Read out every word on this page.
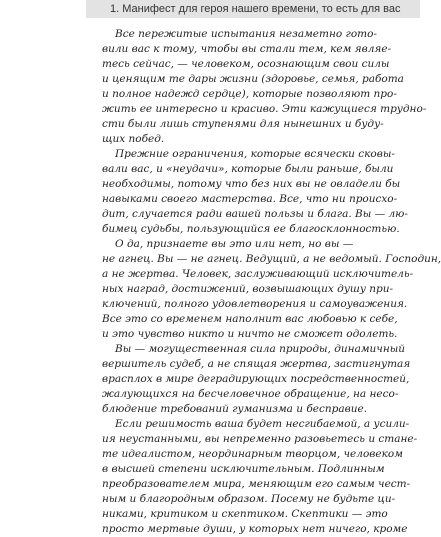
1. Манифест для героя нашего времени, то есть для вас
Все пережитые испытания незаметно гото-
вили вас к тому, чтобы вы стали тем, кем являе-
тесь сейчас, — человеком, осознающим свои силы
и ценящим те дары жизни (здоровье, семья, работа
и полное надежд сердце), которые позволяют про-
жить ее интересно и красиво. Эти кажущиеся трудно-
сти были лишь ступенями для нынешних и буду-
щих побед.
Прежние ограничения, которые всячески сковы-
вали вас, и «неудачи», которые были раньше, были
необходимы, потому что без них вы не овладели бы
навыками своего мастерства. Все, что ни происхо-
дит, случается ради вашей пользы и блага. Вы — лю-
бимец судьбы, пользующийся ее благосклонностью.
О да, признаете вы это или нет, но вы —
не агнец. Вы — не агнец. Ведущий, а не ведомый. Господин,
а не жертва. Человек, заслуживающий исключитель-
ных наград, достижений, возвышающих душу при-
ключений, полного удовлетворения и самоуважения.
Все это со временем наполнит вас любовью к себе,
и это чувство никто и ничто не сможет одолеть.
Вы — могущественная сила природы, динамичный
вершитель судеб, а не спящая жертва, застигнутая
врасплох в мире деградирующих посредственностей,
жалующихся на бесчеловечное обращение, на несо-
блюдение требований гуманизма и бесправие.
Если решимость ваша будет несгибаемой, а усили-
ия неустанными, вы непременно разовьетесь и стане-
те идеалистом, неординарным творцом, человеком
в высшей степени исключительным. Подлинным
преобразователем мира, меняющим его самым чест-
ным и благородным образом. Посему не будьте ци-
никами, критиком и скептиком. Скептики — это
просто мертвые души, у которых нет ничего, кроме
